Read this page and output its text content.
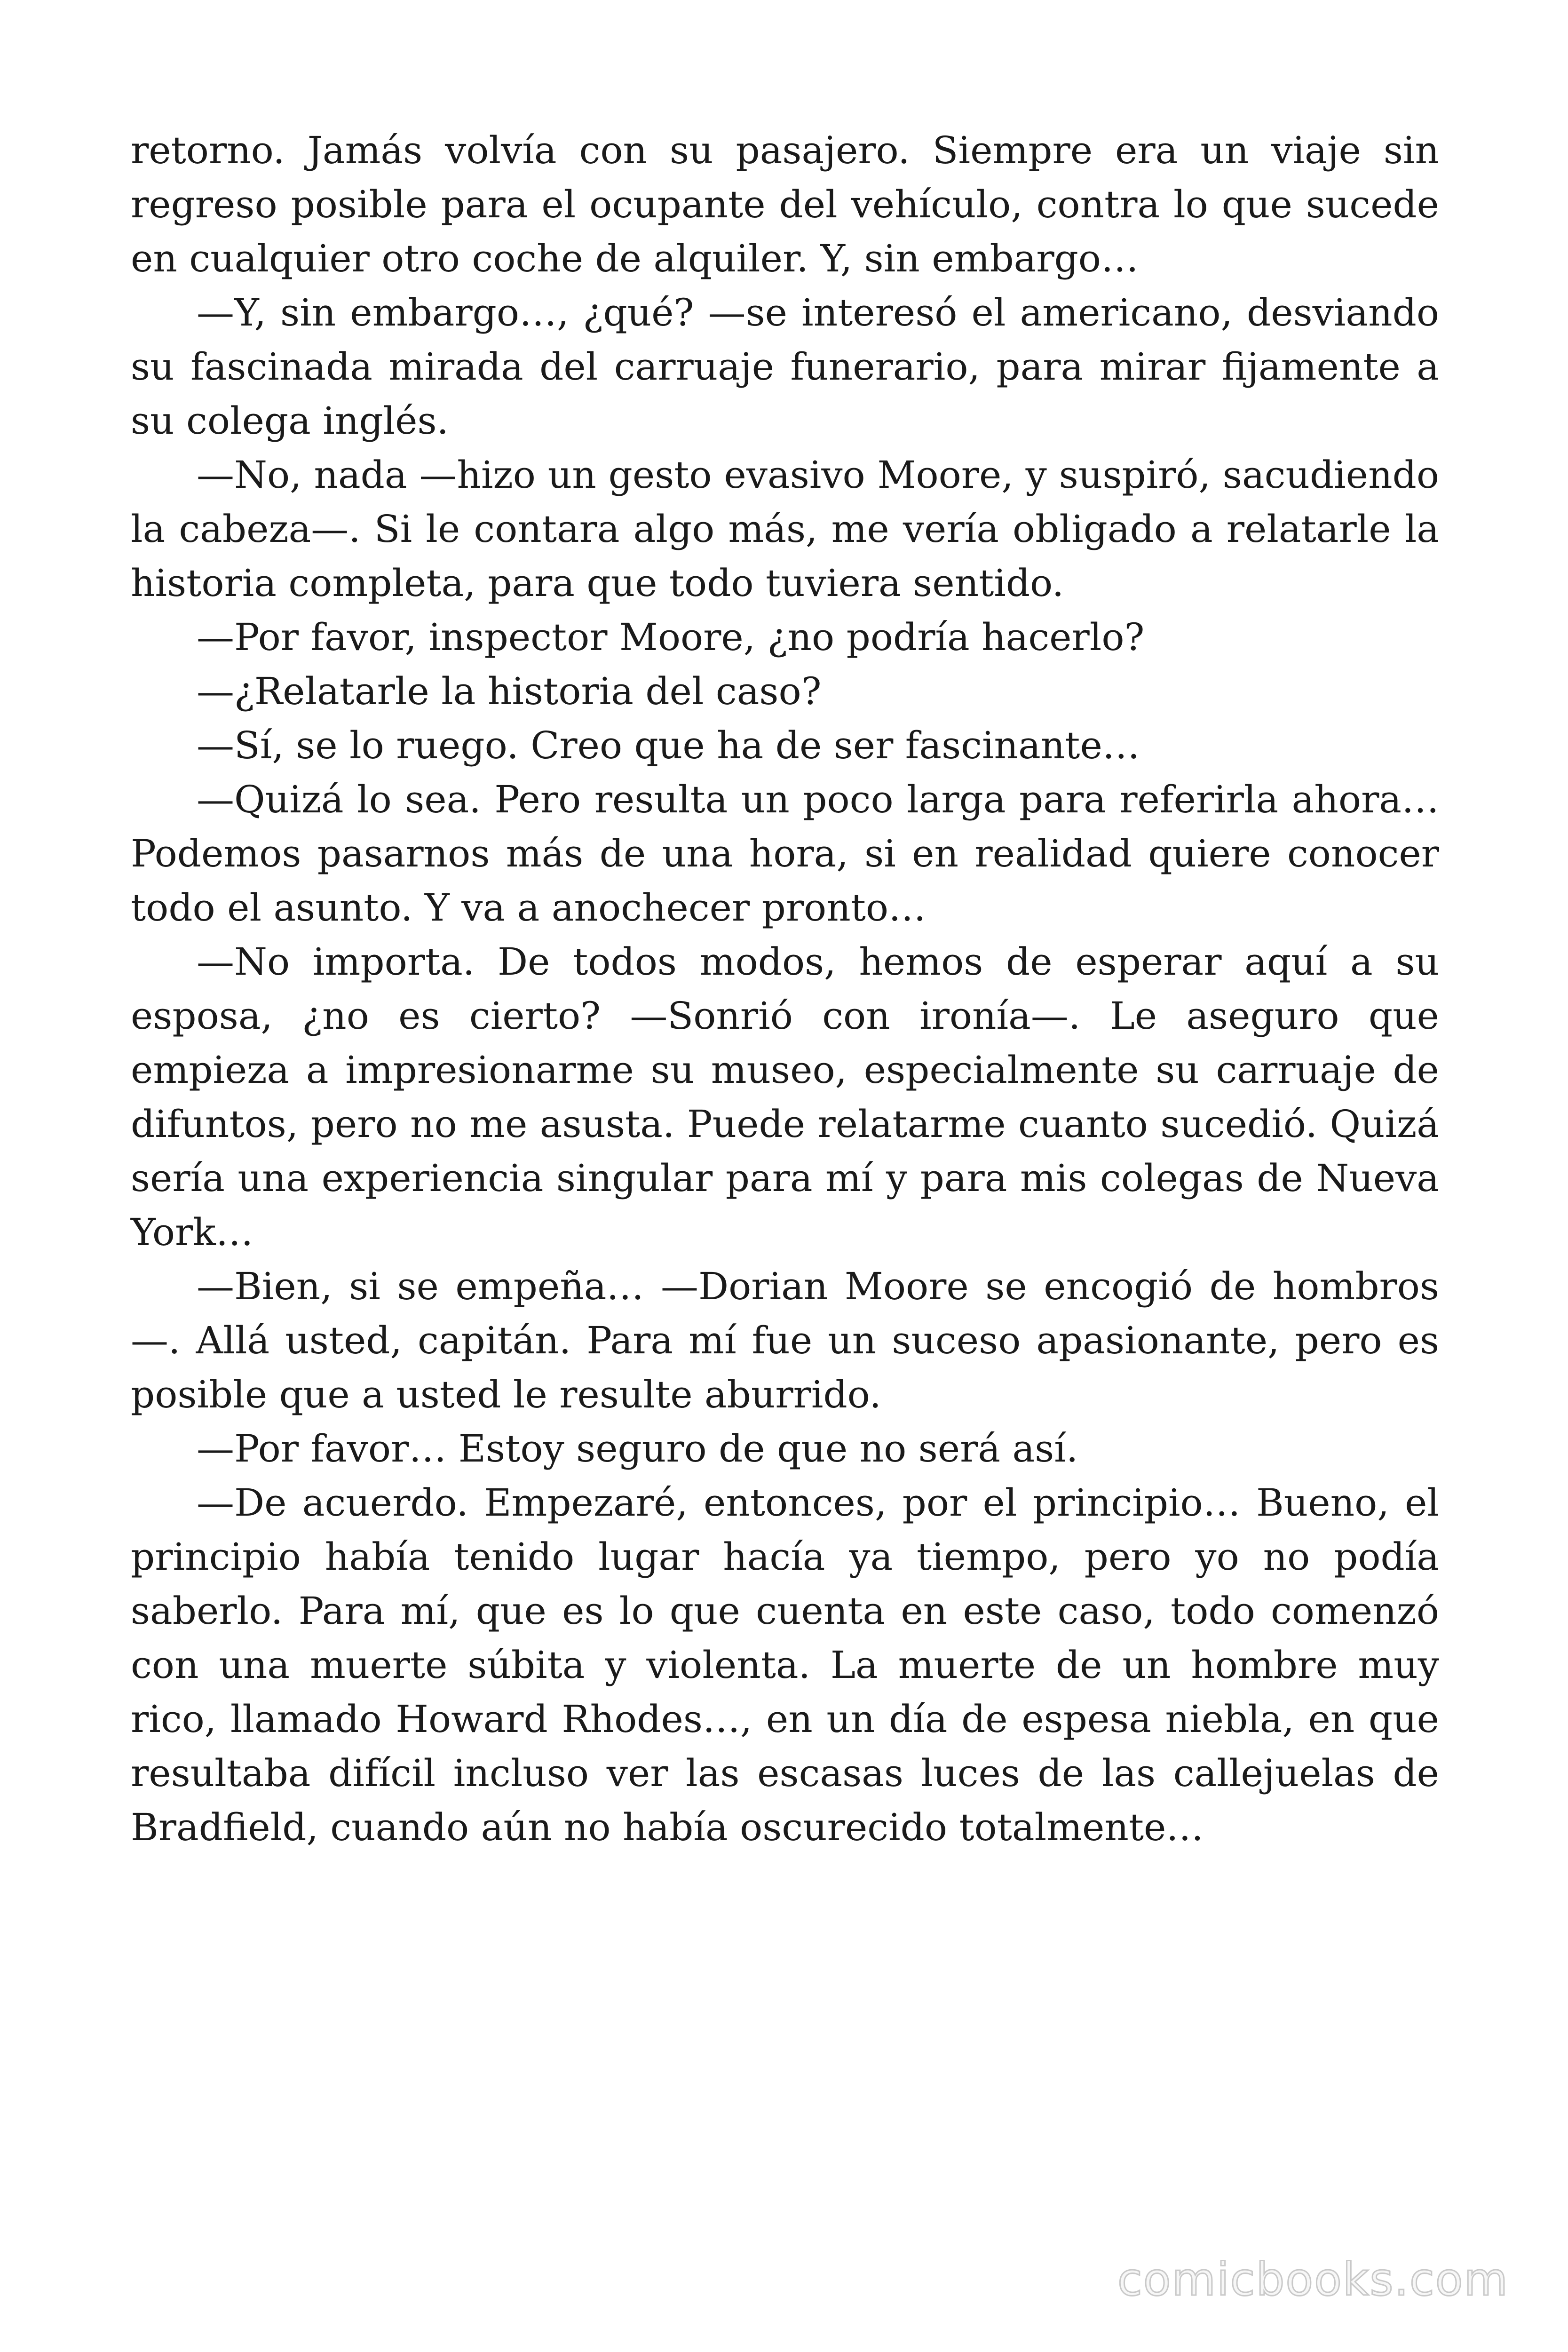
retorno. Jamás volvía con su pasajero. Siempre era un viaje sin regreso posible para el ocupante del vehículo, contra lo que sucede en cualquier otro coche de alquiler. Y, sin embargo…

—Y, sin embargo…, ¿qué? —se interesó el americano, desviando su fascinada mirada del carruaje funerario, para mirar fijamente a su colega inglés.

—No, nada —hizo un gesto evasivo Moore, y suspiró, sacudiendo la cabeza—. Si le contara algo más, me vería obligado a relatarle la historia completa, para que todo tuviera sentido.

—Por favor, inspector Moore, ¿no podría hacerlo?

—¿Relatarle la historia del caso?

—Sí, se lo ruego. Creo que ha de ser fascinante…

—Quizá lo sea. Pero resulta un poco larga para referirla ahora… Podemos pasarnos más de una hora, si en realidad quiere conocer todo el asunto. Y va a anochecer pronto…

—No importa. De todos modos, hemos de esperar aquí a su esposa, ¿no es cierto? —Sonrió con ironía—. Le aseguro que empieza a impresionarme su museo, especialmente su carruaje de difuntos, pero no me asusta. Puede relatarme cuanto sucedió. Quizá sería una experiencia singular para mí y para mis colegas de Nueva York…

—Bien, si se empeña… —Dorian Moore se encogió de hombros —. Allá usted, capitán. Para mí fue un suceso apasionante, pero es posible que a usted le resulte aburrido.

—Por favor… Estoy seguro de que no será así.

—De acuerdo. Empezaré, entonces, por el principio… Bueno, el principio había tenido lugar hacía ya tiempo, pero yo no podía saberlo. Para mí, que es lo que cuenta en este caso, todo comenzó con una muerte súbita y violenta. La muerte de un hombre muy rico, llamado Howard Rhodes…, en un día de espesa niebla, en que resultaba difícil incluso ver las escasas luces de las callejuelas de Bradfield, cuando aún no había oscurecido totalmente…

comicbooks.com
